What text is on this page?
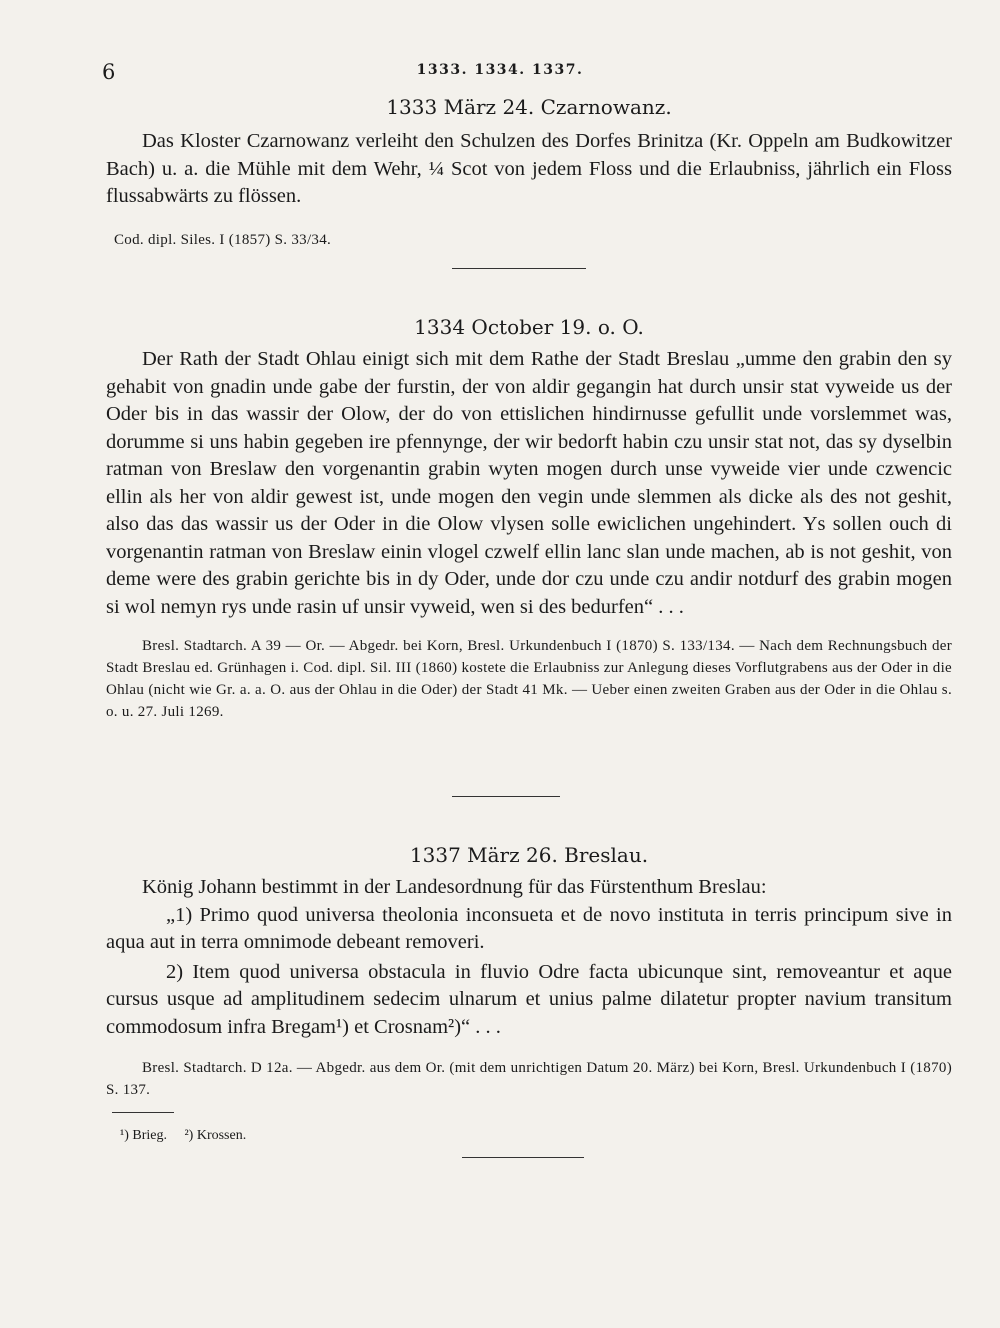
6	1333. 1334. 1337.
1333 März 24. Czarnowanz.

Das Kloster Czarnowanz verleiht den Schulzen des Dorfes Brinitza (Kr. Oppeln am Budkowitzer Bach) u. a. die Mühle mit dem Wehr, ¼ Scot von jedem Floss und die Erlaubniss, jährlich ein Floss flussabwärts zu flössen.

Cod. dipl. Siles. I (1857) S. 33/34.

1334 October 19. o. O.

Der Rath der Stadt Ohlau einigt sich mit dem Rathe der Stadt Breslau „umme den grabin den sy gehabit von gnadin unde gabe der furstin, der von aldir gegangin hat durch unsir stat vyweide us der Oder bis in das wassir der Olow, der do von ettislichen hindirnusse gefullit unde vorslemmet was, dorumme si uns habin gegeben ire pfennynge, der wir bedorft habin czu unsir stat not, das sy dyselbin ratman von Breslaw den vorgenantin grabin wyten mogen durch unse vyweide vier unde czwencic ellin als her von aldir gewest ist, unde mogen den vegin unde slemmen als dicke als des not geshit, also das das wassir us der Oder in die Olow vlysen solle ewiclichen ungehindert. Ys sollen ouch di vorgenantin ratman von Breslaw einin vlogel czwelf ellin lanc slan unde machen, ab is not geshit, von deme were des grabin gerichte bis in dy Oder, unde dor czu unde czu andir notdurf des grabin mogen si wol nemyn rys unde rasin uf unsir vyweid, wen si des bedurfen“ . . .

Bresl. Stadtarch. A 39 — Or. — Abgedr. bei Korn, Bresl. Urkundenbuch I (1870) S. 133/134. — Nach dem Rechnungsbuch der Stadt Breslau ed. Grünhagen i. Cod. dipl. Sil. III (1860) kostete die Erlaubniss zur Anlegung dieses Vorflutgrabens aus der Oder in die Ohlau (nicht wie Gr. a. a. O. aus der Ohlau in die Oder) der Stadt 41 Mk. — Ueber einen zweiten Graben aus der Oder in die Ohlau s. o. u. 27. Juli 1269.

1337 März 26. Breslau.

König Johann bestimmt in der Landesordnung für das Fürstenthum Breslau:

„1) Primo quod universa theolonia inconsueta et de novo instituta in terris principum sive in aqua aut in terra omnimode debeant removeri.

2) Item quod universa obstacula in fluvio Odre facta ubicunque sint, removeantur et aque cursus usque ad amplitudinem sedecim ulnarum et unius palme dilatetur propter navium transitum commodosum infra Bregam¹) et Crosnam²)“ . . .

Bresl. Stadtarch. D 12a. — Abgedr. aus dem Or. (mit dem unrichtigen Datum 20. März) bei Korn, Bresl. Urkundenbuch I (1870) S. 137.

¹) Brieg. ²) Krossen.
